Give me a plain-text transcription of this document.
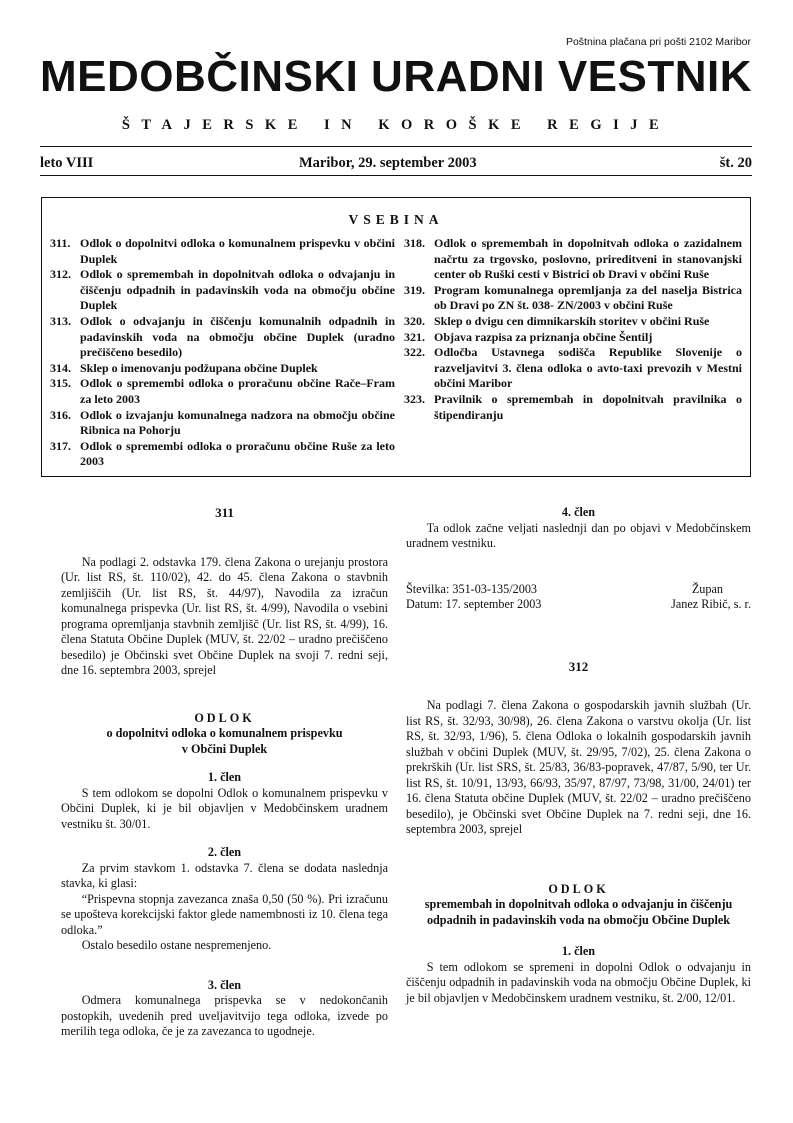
Poštnina plačana pri pošti 2102 Maribor
MEDOBČINSKI URADNI VESTNIK
ŠTAJERSKE IN KOROŠKE REGIJE
leto VIII	Maribor, 29. september 2003	št. 20
VSEBINA
311. Odlok o dopolnitvi odloka o komunalnem prispevku v občini Duplek
312. Odlok o spremembah in dopolnitvah odloka o odvajanju in čiščenju odpadnih in padavinskih voda na območju občine Duplek
313. Odlok o odvajanju in čiščenju komunalnih odpadnih in padavinskih voda na območju občine Duplek (uradno prečiščeno besedilo)
314. Sklep o imenovanju podžupana občine Duplek
315. Odlok o spremembi odloka o proračunu občine Rače–Fram za leto 2003
316. Odlok o izvajanju komunalnega nadzora na območju občine Ribnica na Pohorju
317. Odlok o spremembi odloka o proračunu občine Ruše za leto 2003
318. Odlok o spremembah in dopolnitvah odloka o zazidalnem načrtu za trgovsko, poslovno, prireditveni in stanovanjski center ob Ruški cesti v Bistrici ob Dravi v občini Ruše
319. Program komunalnega opremljanja za del naselja Bistrica ob Dravi po ZN št. 038- ZN/2003 v občini Ruše
320. Sklep o dvigu cen dimnikarskih storitev v občini Ruše
321. Objava razpisa za priznanja občine Šentilj
322. Odločba Ustavnega sodišča Republike Slovenije o razveljavitvi 3. člena odloka o avto-taxi prevozih v Mestni občini Maribor
323. Pravilnik o spremembah in dopolnitvah pravilnika o štipendiranju

311

Na podlagi 2. odstavka 179. člena Zakona o urejanju prostora (Ur. list RS, št. 110/02), 42. do 45. člena Zakona o stavbnih zemljiščih (Ur. list RS, št. 44/97), Navodila za izračun komunalnega prispevka (Ur. list RS, št. 4/99), Navodila o vsebini programa opremljanja stavbnih zemljišč (Ur. list RS, št. 4/99), 16. člena Statuta Občine Duplek (MUV, št. 22/02 – uradno prečiščeno besedilo) je Občinski svet Občine Duplek na svoji 7. redni seji, dne 16. septembra 2003, sprejel

ODLOK

o dopolnitvi odloka o komunalnem prispevku

v Občini Duplek

1. člen

S tem odlokom se dopolni Odlok o komunalnem prispevku v Občini Duplek, ki je bil objavljen v Medobčinskem uradnem vestniku št. 30/01.

2. člen

Za prvim stavkom 1. odstavka 7. člena se dodata naslednja stavka, ki glasi:

“Prispevna stopnja zavezanca znaša 0,50 (50 %). Pri izračunu se upošteva korekcijski faktor glede namembnosti iz 10. člena tega odloka.”

Ostalo besedilo ostane nespremenjeno.

3. člen

Odmera komunalnega prispevka se v nedokončanih postopkih, uvedenih pred uveljavitvijo tega odloka, izvede po merilih tega odloka, če je za zavezanca to ugodneje.

4. člen

Ta odlok začne veljati naslednji dan po objavi v Medobčinskem uradnem vestniku.

Številka: 351-03-135/2003	Župan
Datum: 17. september 2003	Janez Ribič, s. r.

312

Na podlagi 7. člena Zakona o gospodarskih javnih službah (Ur. list RS, št. 32/93, 30/98), 26. člena Zakona o varstvu okolja (Ur. list RS, št. 32/93, 1/96), 5. člena Odloka o lokalnih gospodarskih javnih službah v občini Duplek (MUV, št. 29/95, 7/02), 25. člena Zakona o prekrških (Ur. list SRS, št. 25/83, 36/83-popravek, 47/87, 5/90, ter Ur. list RS, št. 10/91, 13/93, 66/93, 35/97, 87/97, 73/98, 31/00, 24/01) ter 16. člena Statuta občine Duplek (MUV, št. 22/02 – uradno prečiščeno besedilo), je Občinski svet Občine Duplek na 7. redni seji, dne 16. septembra 2003, sprejel

ODLOK

spremembah in dopolnitvah odloka o odvajanju in čiščenju

odpadnih in padavinskih voda na območju Občine Duplek

1. člen

S tem odlokom se spremeni in dopolni Odlok o odvajanju in čiščenju odpadnih in padavinskih voda na območju Občine Duplek, ki je bil objavljen v Medobčinskem uradnem vestniku, št. 2/00, 12/01.
